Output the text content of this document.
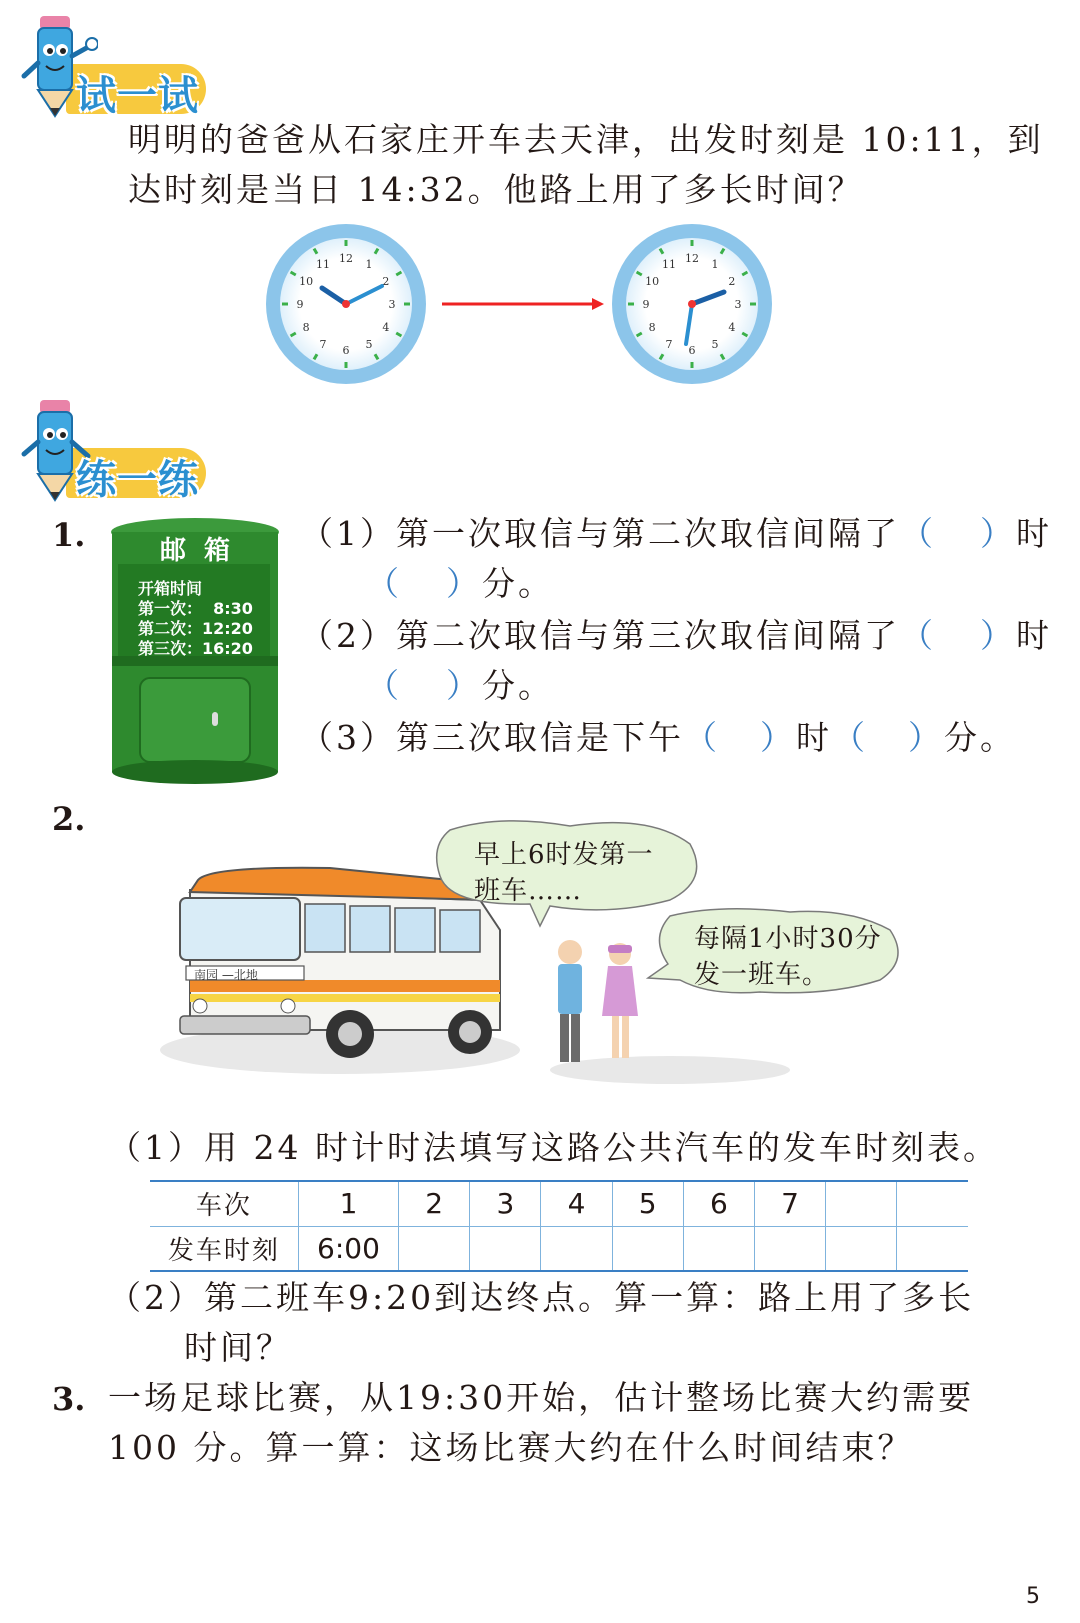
试一试
明明的爸爸从石家庄开车去天津，出发时刻是 10:11，到
达时刻是当日 14:32。他路上用了多长时间？
12 1
2
3
4
5
6
7
8
9
10
11	12 1
2
3
4
5
6
7
8
9
10
11
练一练
1.	邮  箱
开箱时间
第一次：  8:30
第二次：12:20
第三次：16:20
（1）第一次取信与第二次取信间隔了（ ）时
（ ）分。
（2）第二次取信与第三次取信间隔了（ ）时
（ ）分。
（3）第三次取信是下午（ ）时（ ）分。
2.
南园 —北地
早上6时发第一
班车……
每隔1小时30分
发一班车。
（1）用 24 时计时法填写这路公共汽车的发车时刻表。
车次	1	2	3	4	5	6	7		
发车时刻	6:00								
（2）第二班车9:20到达终点。算一算：路上用了多长
时间？
3. 一场足球比赛，从19:30开始，估计整场比赛大约需要
100 分。算一算：这场比赛大约在什么时间结束？
5
